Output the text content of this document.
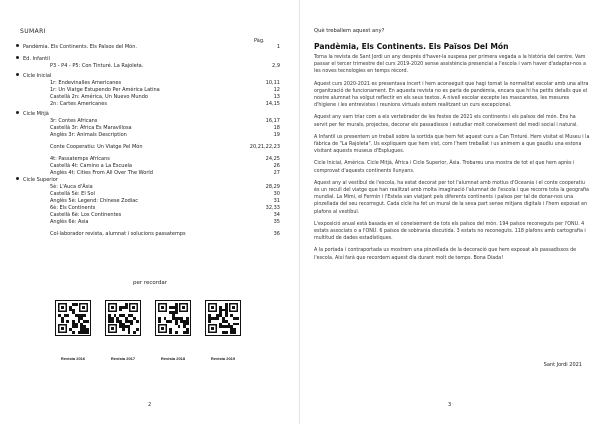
SUMARI
Pàg.
Pandèmia. Els Continents. Els Països del Món.	1
Ed. Infantil
P3 - P4 - P5: Con Tinturé. La Rajoleta.	2,9
Cicle Inicial
1r: Endevinalles Americanes	10,11
1r: Un Viatge Estupendo Per América Latina	12
Castellà 2n: América, Un Nuevo Mundo	13
2n: Cartes Americanes	14,15
Cicle Mitjà
3r: Contes Africans	16,17
Castellà 3r: África Es Maravillosa	18
Anglès 3r: Animals Description	19
Conte Cooperatiu: Un Viatge Pel Món	20,21,22,23
4t: Passatemps Africans	24,25
Castellà 4t: Camino a La Escuela	26
Anglès 4t: Cities From All Over The World	27
Cicle Superior
5è: L'Auca d'Àsia	28,29
Castellà 5è: El Sol	30
Anglès 5è: Legend: Chinese Zodiac	31
6è: Els Continents	32,33
Castellà 6è: Los Continentes	34
Anglès 6è: Asia	35
Col·laborador revista, alumnat i solucions passatemps	36
per recordar
Revista 2016	Revista 2017	Revista 2018	Revista 2019
2
Què treballem aquest any?
Pandèmia, Els Continents. Els Països Del Món

Torna la revista de Sant Jordi un any després d'haver-la suspesa per primera vegada a la història del centre. Vam passar el tercer trimestre del curs 2019-2020 sense assistència presencial a l'escola i vam haver d'adaptar-nos a les noves tecnologies en temps rècord.

Aquest curs 2020-2021 es presentava incert i hem aconseguit que hagi tornat la normalitat escolar amb una altra organització de funcionament. En aquesta revista no es parla de pandèmia, encara que hi ha petits detalls que el nostre alumnat ha volgut reflectir en els seus textos. A nivell escolar excepte les mascaretes, les mesures d'higiene i les entrevistes i reunions virtuals estem realitzant un curs excepcional.

Aquest any vam triar com a eix vertebrador de les festes de 2021 els continents i els països del món. Ens ha servit per fer murals, projectes, decorar els passadissos i estudiar molt coneixement del medi social i natural.

A Infantil us presentem un treball sobre la sortida que hem fet aquest curs a Can Tinturé. Hem visitat el Museu i la fàbrica de "La Rajoleta". Us expliquem que hem vist, com l'hem treballat i us animem a que gaudiu una estona visitant aquests museus d'Esplugues.

Cicle Inicial, Amèrica. Cicle Mitjà, Àfrica i Cicle Superior, Àsia. Trobareu una mostra de tot el que hem après i comprovat d'aquests continents llunyans.

Aquest any al vestíbul de l'escola, ha estat decorat per tot l'alumnat amb motius d'Oceania i el conte cooperatiu és un recull del viatge que han realitzat amb molta imaginació l'alumnat de l'escola i que recorre tota la geografia mundial. La Mimi, el Fermín i l'Estela van viatjant pels diferents continents i països per tal de donar-nos una pinzellada del seu recorregut. Cada cicle ha fet un mural de la seva part sense mitjans digitals i l'hem exposat en plafons al vestíbul.

L'exposició anual està basada en el coneixement de tots els països del món. 194 països reconeguts per l'ONU. 4 estats associats o a l'ONU. 6 països de sobirania discutida. 3 estats no reconeguts. 118 plafons amb cartografia i multitud de dades estadístiques.

A la portada i contraportada us mostrem una pinzellada de la decoració que hem exposat als passadissos de l'escola. Així farà que recordem aquest dia durant molt de temps. Bona Diada!

Sant Jordi 2021
3
